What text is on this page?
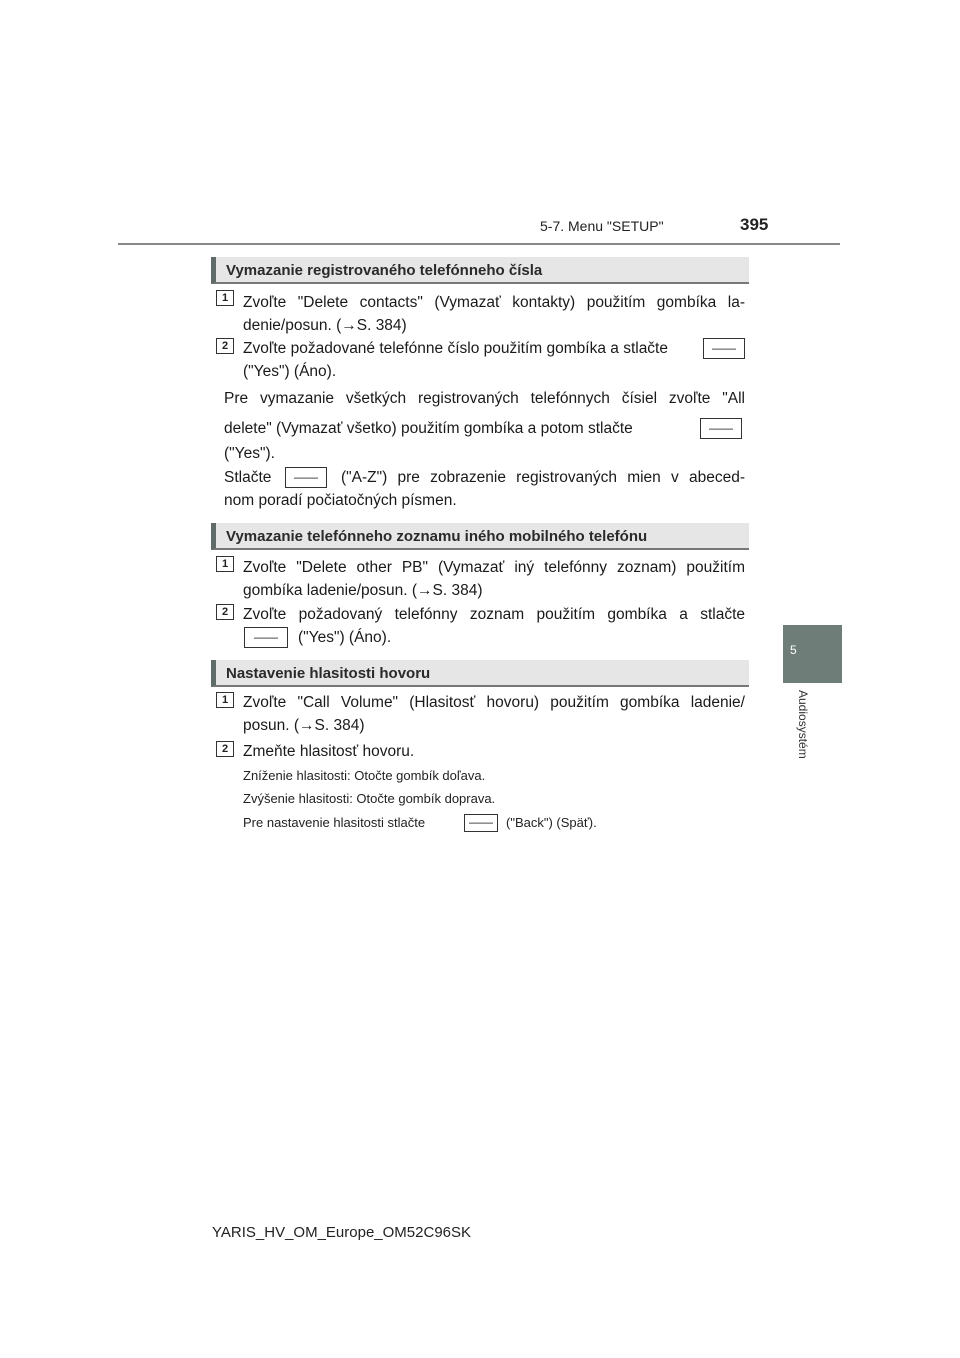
5-7. Menu "SETUP"	395
5
Audiosystém
Vymazanie registrovaného telefónneho čísla
1 Zvoľte "Delete contacts" (Vymazať kontakty) použitím gombíka la-
denie/posun. (→S. 384)
2 Zvoľte požadované telefónne číslo použitím gombíka a stlačte	——
("Yes") (Áno).
Pre vymazanie všetkých registrovaných telefónnych čísiel zvoľte "All
delete" (Vymazať všetko) použitím gombíka a potom stlačte	——
("Yes").
Stlačte	——	("A-Z") pre zobrazenie registrovaných mien v abeced-
nom poradí počiatočných písmen.
Vymazanie telefónneho zoznamu iného mobilného telefónu
1 Zvoľte "Delete other PB" (Vymazať iný telefónny zoznam) použitím
gombíka ladenie/posun. (→S. 384)
2 Zvoľte požadovaný telefónny zoznam použitím gombíka a stlačte
——	("Yes") (Áno).
Nastavenie hlasitosti hovoru
1 Zvoľte "Call Volume" (Hlasitosť hovoru) použitím gombíka ladenie/
posun. (→S. 384)
2 Zmeňte hlasitosť hovoru.
Zníženie hlasitosti: Otočte gombík doľava.
Zvýšenie hlasitosti: Otočte gombík doprava.
Pre nastavenie hlasitosti stlačte	——	("Back") (Späť).
YARIS_HV_OM_Europe_OM52C96SK
